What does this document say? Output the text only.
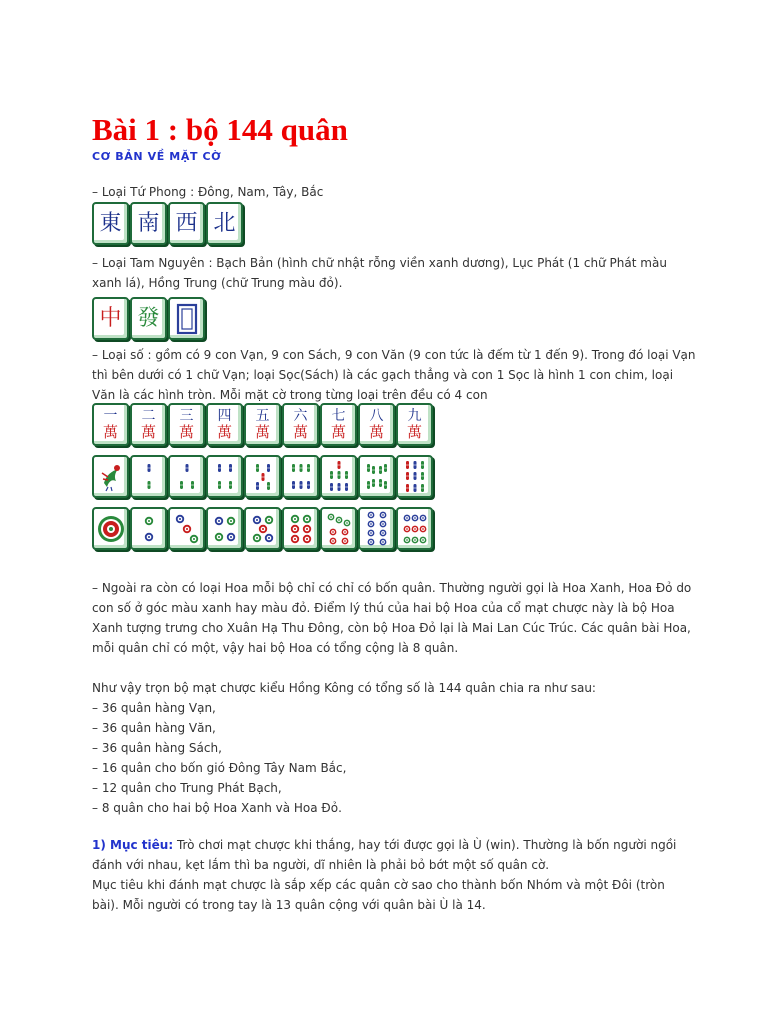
Bài 1 : bộ 144 quân

CƠ BẢN VỀ MẶT CỜ

– Loại Tứ Phong : Đông, Nam, Tây, Bắc

東 南 西 北

– Loại Tam Nguyên : Bạch Bản (hình chữ nhật rỗng viền xanh dương), Lục Phát (1 chữ Phát màu xanh lá), Hồng Trung (chữ Trung màu đỏ).

中 發

– Loại số : gồm có 9 con Vạn, 9 con Sách, 9 con Văn (9 con tức là đếm từ 1 đến 9). Trong đó loại Vạn thì bên dưới có 1 chữ Vạn; loại Sọc(Sách) là các gạch thẳng và con 1 Sọc là hình 1 con chim, loại Văn là các hình tròn. Mỗi mặt cờ trong từng loại trên đều có 4 con

一
萬
二
萬
三
萬
四
萬
五
萬
六
萬
七
萬
八
萬
九
萬

– Ngoài ra còn có loại Hoa mỗi bộ chỉ có chỉ có bốn quân. Thường người gọi là Hoa Xanh, Hoa Đỏ do con số ở góc màu xanh hay màu đỏ. Điểm lý thú của hai bộ Hoa của cổ mạt chược này là bộ Hoa Xanh tượng trưng cho Xuân Hạ Thu Đông, còn bộ Hoa Đỏ lại là Mai Lan Cúc Trúc. Các quân bài Hoa, mỗi quân chỉ có một, vậy hai bộ Hoa có tổng cộng là 8 quân.

Như vậy trọn bộ mạt chược kiểu Hồng Kông có tổng số là 144 quân chia ra như sau:

– 36 quân hàng Vạn,
– 36 quân hàng Văn,
– 36 quân hàng Sách,
– 16 quân cho bốn gió Đông Tây Nam Bắc,
– 12 quân cho Trung Phát Bạch,
– 8 quân cho hai bộ Hoa Xanh và Hoa Đỏ.

1) Mục tiêu: Trò chơi mạt chược khi thắng, hay tới được gọi là Ù (win). Thường là bốn người ngồi đánh với nhau, kẹt lắm thì ba người, dĩ nhiên là phải bỏ bớt một số quân cờ.
Mục tiêu khi đánh mạt chược là sắp xếp các quân cờ sao cho thành bốn Nhóm và một Đôi (tròn bài). Mỗi người có trong tay là 13 quân cộng với quân bài Ù là 14.
